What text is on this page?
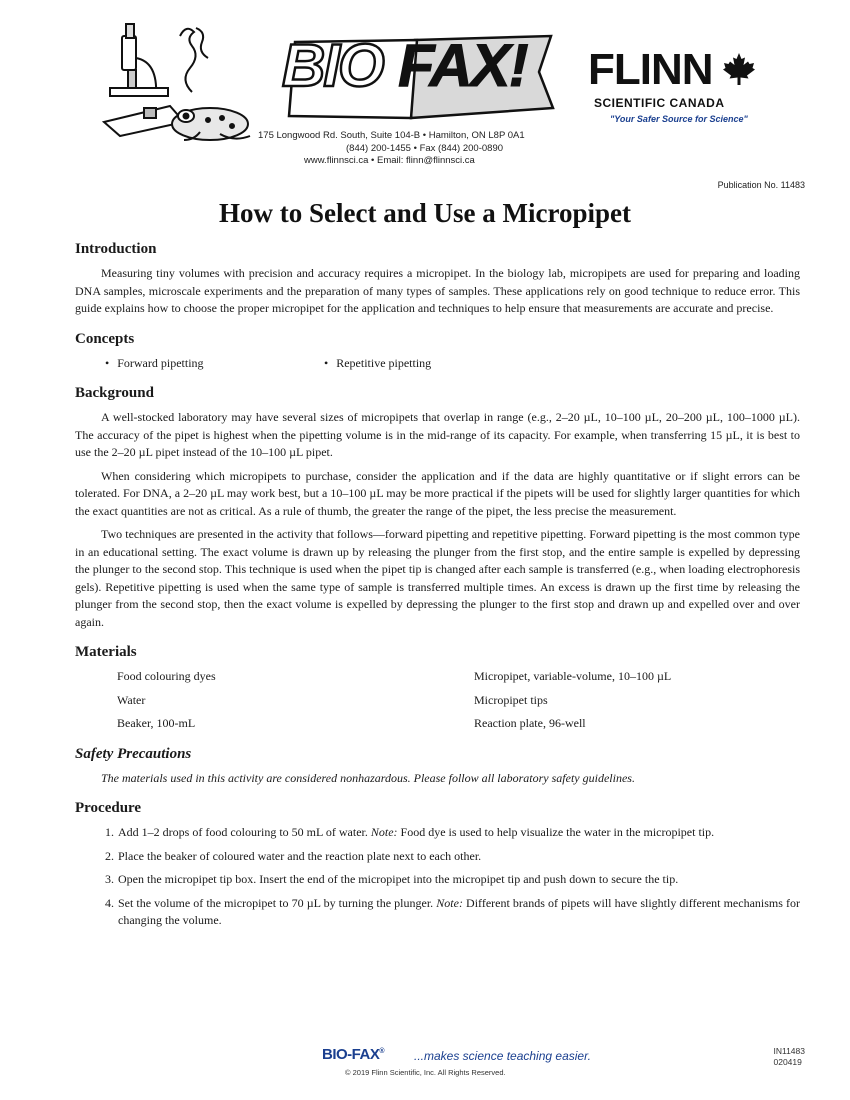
BIO FAX!
175 Longwood Rd. South, Suite 104-B • Hamilton, ON L8P 0A1
(844) 200-1455 • Fax (844) 200-0890
www.flinnsci.ca • Email: flinn@flinnsci.ca
FLINN
SCIENTIFIC CANADA
"Your Safer Source for Science"
Publication No. 11483
How to Select and Use a Micropipet
Introduction

Measuring tiny volumes with precision and accuracy requires a micropipet. In the biology lab, micropipets are used for preparing and loading DNA samples, microscale experiments and the preparation of many types of samples. These applications rely on good technique to reduce error. This guide explains how to choose the proper micropipet for the application and techniques to help ensure that measurements are accurate and precise.

Concepts
• Forward pipetting
•	Repetitive pipetting
Background

A well-stocked laboratory may have several sizes of micropipets that overlap in range (e.g., 2–20 µL, 10–100 µL, 20–200 µL, 100–1000 µL). The accuracy of the pipet is highest when the pipetting volume is in the mid-range of its capacity. For example, when transferring 15 µL, it is best to use the 2–20 µL pipet instead of the 10–100 µL pipet.

When considering which micropipets to purchase, consider the application and if the data are highly quantitative or if slight errors can be tolerated. For DNA, a 2–20 µL may work best, but a 10–100 µL may be more practical if the pipets will be used for slightly larger quantities for which the exact quantities are not as critical. As a rule of thumb, the greater the range of the pipet, the less precise the measurement.

Two techniques are presented in the activity that follows—forward pipetting and repetitive pipetting. Forward pipetting is the most common type in an educational setting. The exact volume is drawn up by releasing the plunger from the first stop, and the entire sample is expelled by depressing the plunger to the second stop. This technique is used when the pipet tip is changed after each sample is transferred (e.g., when loading electrophoresis gels). Repetitive pipetting is used when the same type of sample is transferred multiple times. An excess is drawn up the first time by releasing the plunger from the second stop, then the exact volume is expelled by depressing the plunger to the first stop and drawn up and expelled over and over again.

Materials
Food colouring dyes	Micropipet, variable-volume, 10–100 µL
Water	Micropipet tips
Beaker, 100-mL	Reaction plate, 96-well
Safety Precautions
The materials used in this activity are considered nonhazardous. Please follow all laboratory safety guidelines.
Procedure
1. Add 1–2 drops of food colouring to 50 mL of water. Note: Food dye is used to help visualize the water in the micropipet tip.
2. Place the beaker of coloured water and the reaction plate next to each other.
3. Open the micropipet tip box. Insert the end of the micropipet into the micropipet tip and push down to secure the tip.
4. Set the volume of the micropipet to 70 µL by turning the plunger. Note: Different brands of pipets will have slightly different mechanisms for changing the volume.
BIO-FAX® ...makes science teaching easier.
© 2019 Flinn Scientific, Inc. All Rights Reserved.
IN11483
020419
